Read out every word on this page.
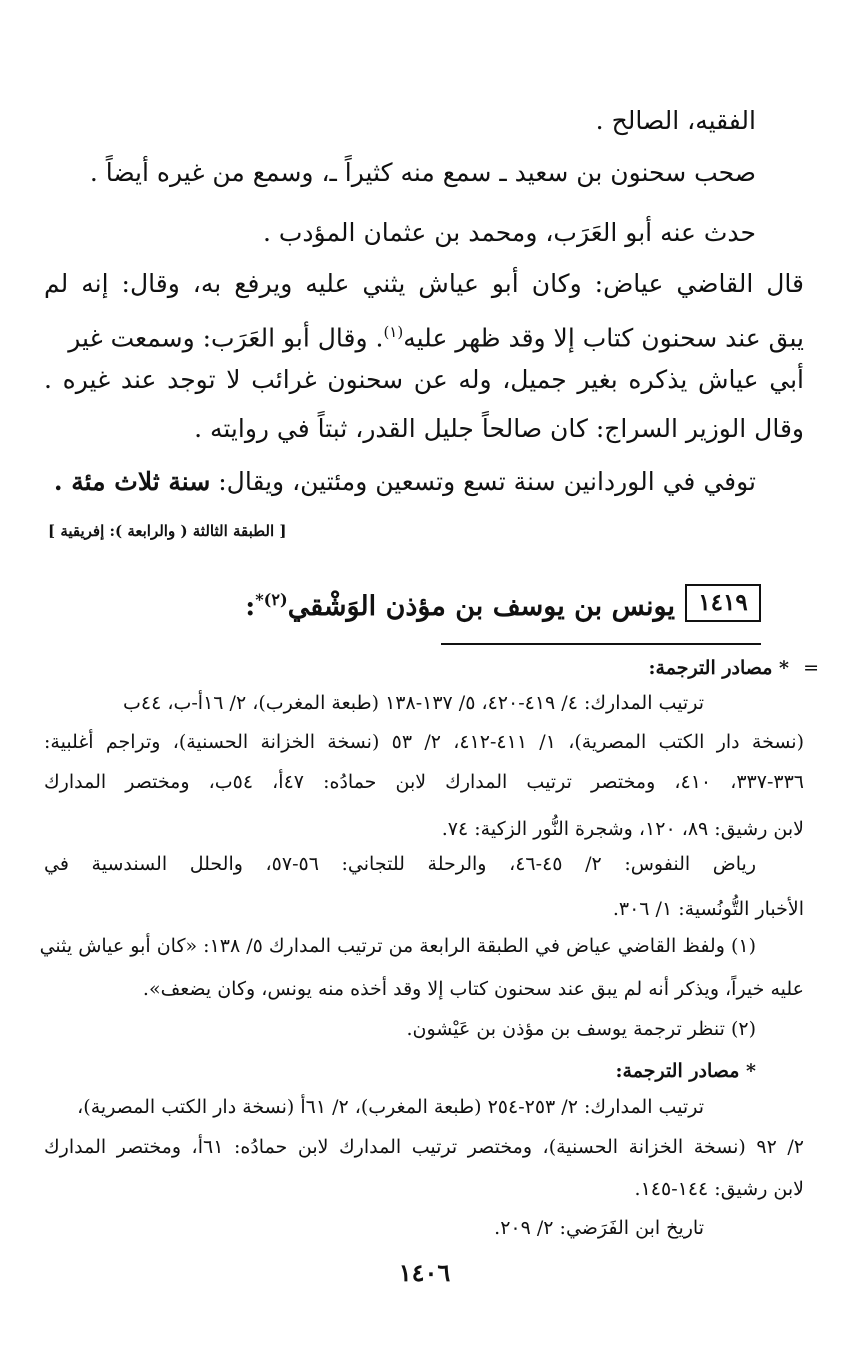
الفقيه، الصالح .
صحب سحنون بن سعيد ـ سمع منه كثيراً ـ، وسمع من غيره أيضاً .
حدث عنه أبو العَرَب، ومحمد بن عثمان المؤدب .
قال القاضي عياض: وكان أبو عياش يثني عليه ويرفع به، وقال: إنه لم
يبق عند سحنون كتاب إلا وقد ظهر عليه$^{(١)}$. وقال أبو العَرَب: وسمعت غير
أبي عياش يذكره بغير جميل، وله عن سحنون غرائب لا توجد عند غيره .
وقال الوزير السراج: كان صالحاً جليل القدر، ثبتاً في روايته .
توفي في الوردانين سنة تسع وتسعين ومئتين، ويقال: سنة ثلاث مئة .
[ الطبقة الثالثة ( والرابعة ): إفريقية ]
١٤١٩
يونس بن يوسف بن مؤذن الوَشْقي$^{(٢)*}$:
=
* مصادر الترجمة:
ترتيب المدارك: ٤/ ٤١٩-٤٢٠، ٥/ ١٣٧-١٣٨ (طبعة المغرب)، ٢/ ١٦أ-ب، ٤٤ب
(نسخة دار الكتب المصرية)، ١/ ٤١١-٤١٢، ٢/ ٥٣ (نسخة الخزانة الحسنية)، وتراجم أغلبية:
٣٣٦-٣٣٧، ٤١٠، ومختصر ترتيب المدارك لابن حمادُه: ٤٧أ، ٥٤ب، ومختصر المدارك
لابن رشيق: ٨٩، ١٢٠، وشجرة النُّور الزكية: ٧٤.
رياض النفوس: ٢/ ٤٥-٤٦، والرحلة للتجاني: ٥٦-٥٧، والحلل السندسية في
الأخبار التُّونُسية: ١/ ٣٠٦.
(١) ولفظ القاضي عياض في الطبقة الرابعة من ترتيب المدارك ٥/ ١٣٨: «كان أبو عياش يثني
عليه خيراً، ويذكر أنه لم يبق عند سحنون كتاب إلا وقد أخذه منه يونس، وكان يضعف».
(٢) تنظر ترجمة يوسف بن مؤذن بن عَيْشون.
* مصادر الترجمة:
ترتيب المدارك: ٢/ ٢٥٣-٢٥٤ (طبعة المغرب)، ٢/ ٦١أ (نسخة دار الكتب المصرية)،
٢/ ٩٢ (نسخة الخزانة الحسنية)، ومختصر ترتيب المدارك لابن حمادُه: ٦١أ، ومختصر المدارك
لابن رشيق: ١٤٤-١٤٥.
تاريخ ابن الفَرَضي: ٢/ ٢٠٩.
١٤٠٦
